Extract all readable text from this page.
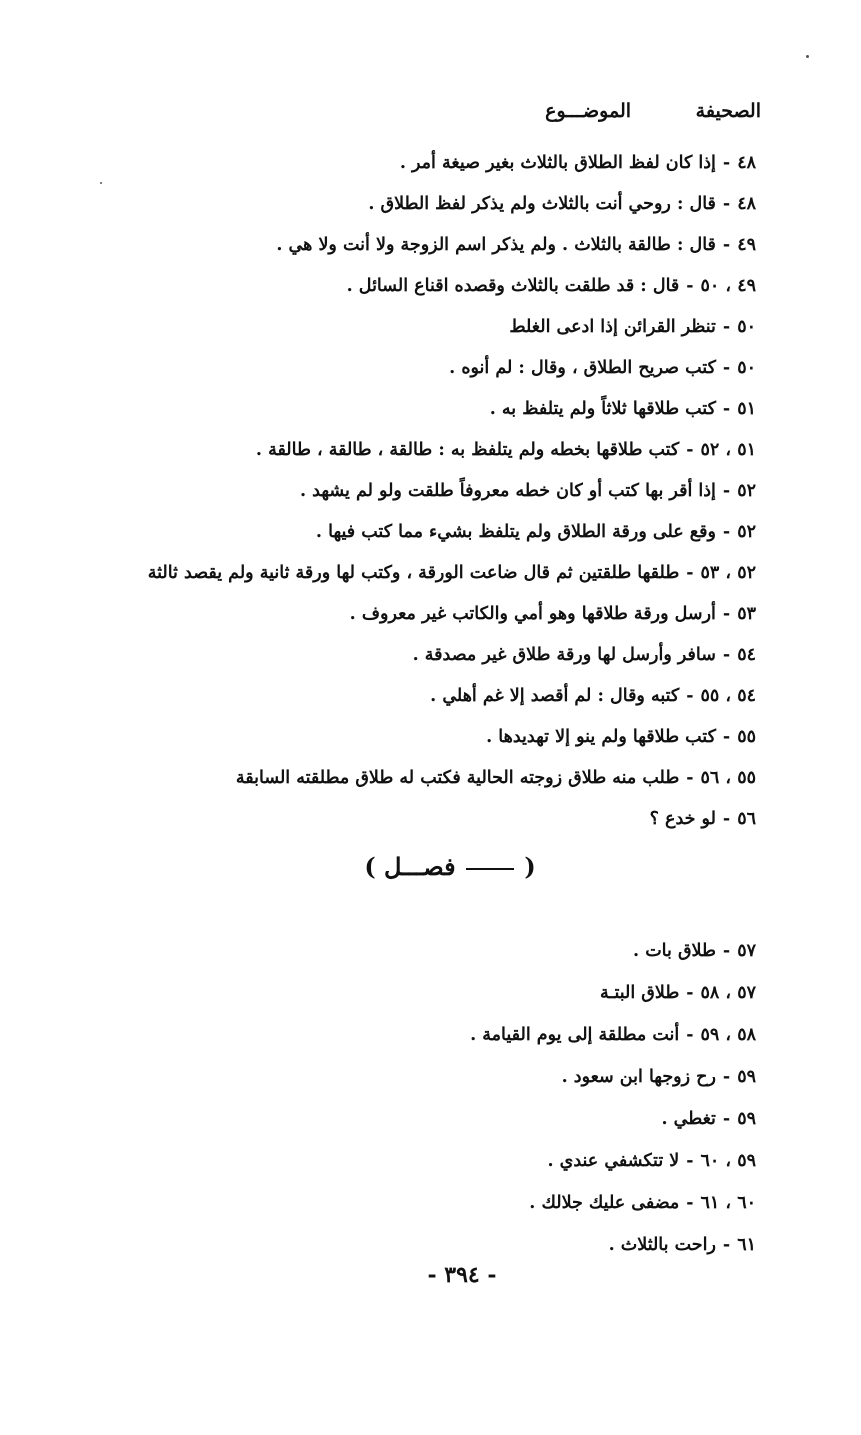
الصحيفة الموضـــوع
٤٨-إذا كان لفظ الطلاق بالثلاث بغير صيغة أمر .
٤٨-قال : روحي أنت بالثلاث ولم يذكر لفظ الطلاق .
٤٩-قال : طالقة بالثلاث . ولم يذكر اسم الزوجة ولا أنت ولا هي .
٤٩ ، ٥٠-قال : قد طلقت بالثلاث وقصده اقناع السائل .
٥٠-تنظر القرائن إذا ادعى الغلط
٥٠-كتب صريح الطلاق ، وقال : لم أنوه .
٥١-كتب طلاقها ثلاثاً ولم يتلفظ به .
٥١ ، ٥٢-كتب طلاقها بخطه ولم يتلفظ به : طالقة ، طالقة ، طالقة .
٥٢-إذا أقر بها كتب أو كان خطه معروفاً طلقت ولو لم يشهد .
٥٢-وقع على ورقة الطلاق ولم يتلفظ بشيء مما كتب فيها .
٥٢ ، ٥٣-طلقها طلقتين ثم قال ضاعت الورقة ، وكتب لها ورقة ثانية ولم يقصد ثالثة
٥٣-أرسل ورقة طلاقها وهو أمي والكاتب غير معروف .
٥٤-سافر وأرسل لها ورقة طلاق غير مصدقة .
٥٤ ، ٥٥-كتبه وقال : لم أقصد إلا غم أهلي .
٥٥-كتب طلاقها ولم ينو إلا تهديدها .
٥٥ ، ٥٦-طلب منه طلاق زوجته الحالية فكتب له طلاق مطلقته السابقة
٥٦-لو خدع ؟
(  فصـــل )
٥٧-طلاق بات .
٥٧ ، ٥٨-طلاق البتـة
٥٨ ، ٥٩-أنت مطلقة إلى يوم القيامة .
٥٩-رح زوجها ابن سعود .
٥٩-تغطي .
٥٩ ، ٦٠-لا تتكشفي عندي .
٦٠ ، ٦١-مضفى عليك جلالك .
٦١-راحت بالثلاث .
- ٣٩٤ -
